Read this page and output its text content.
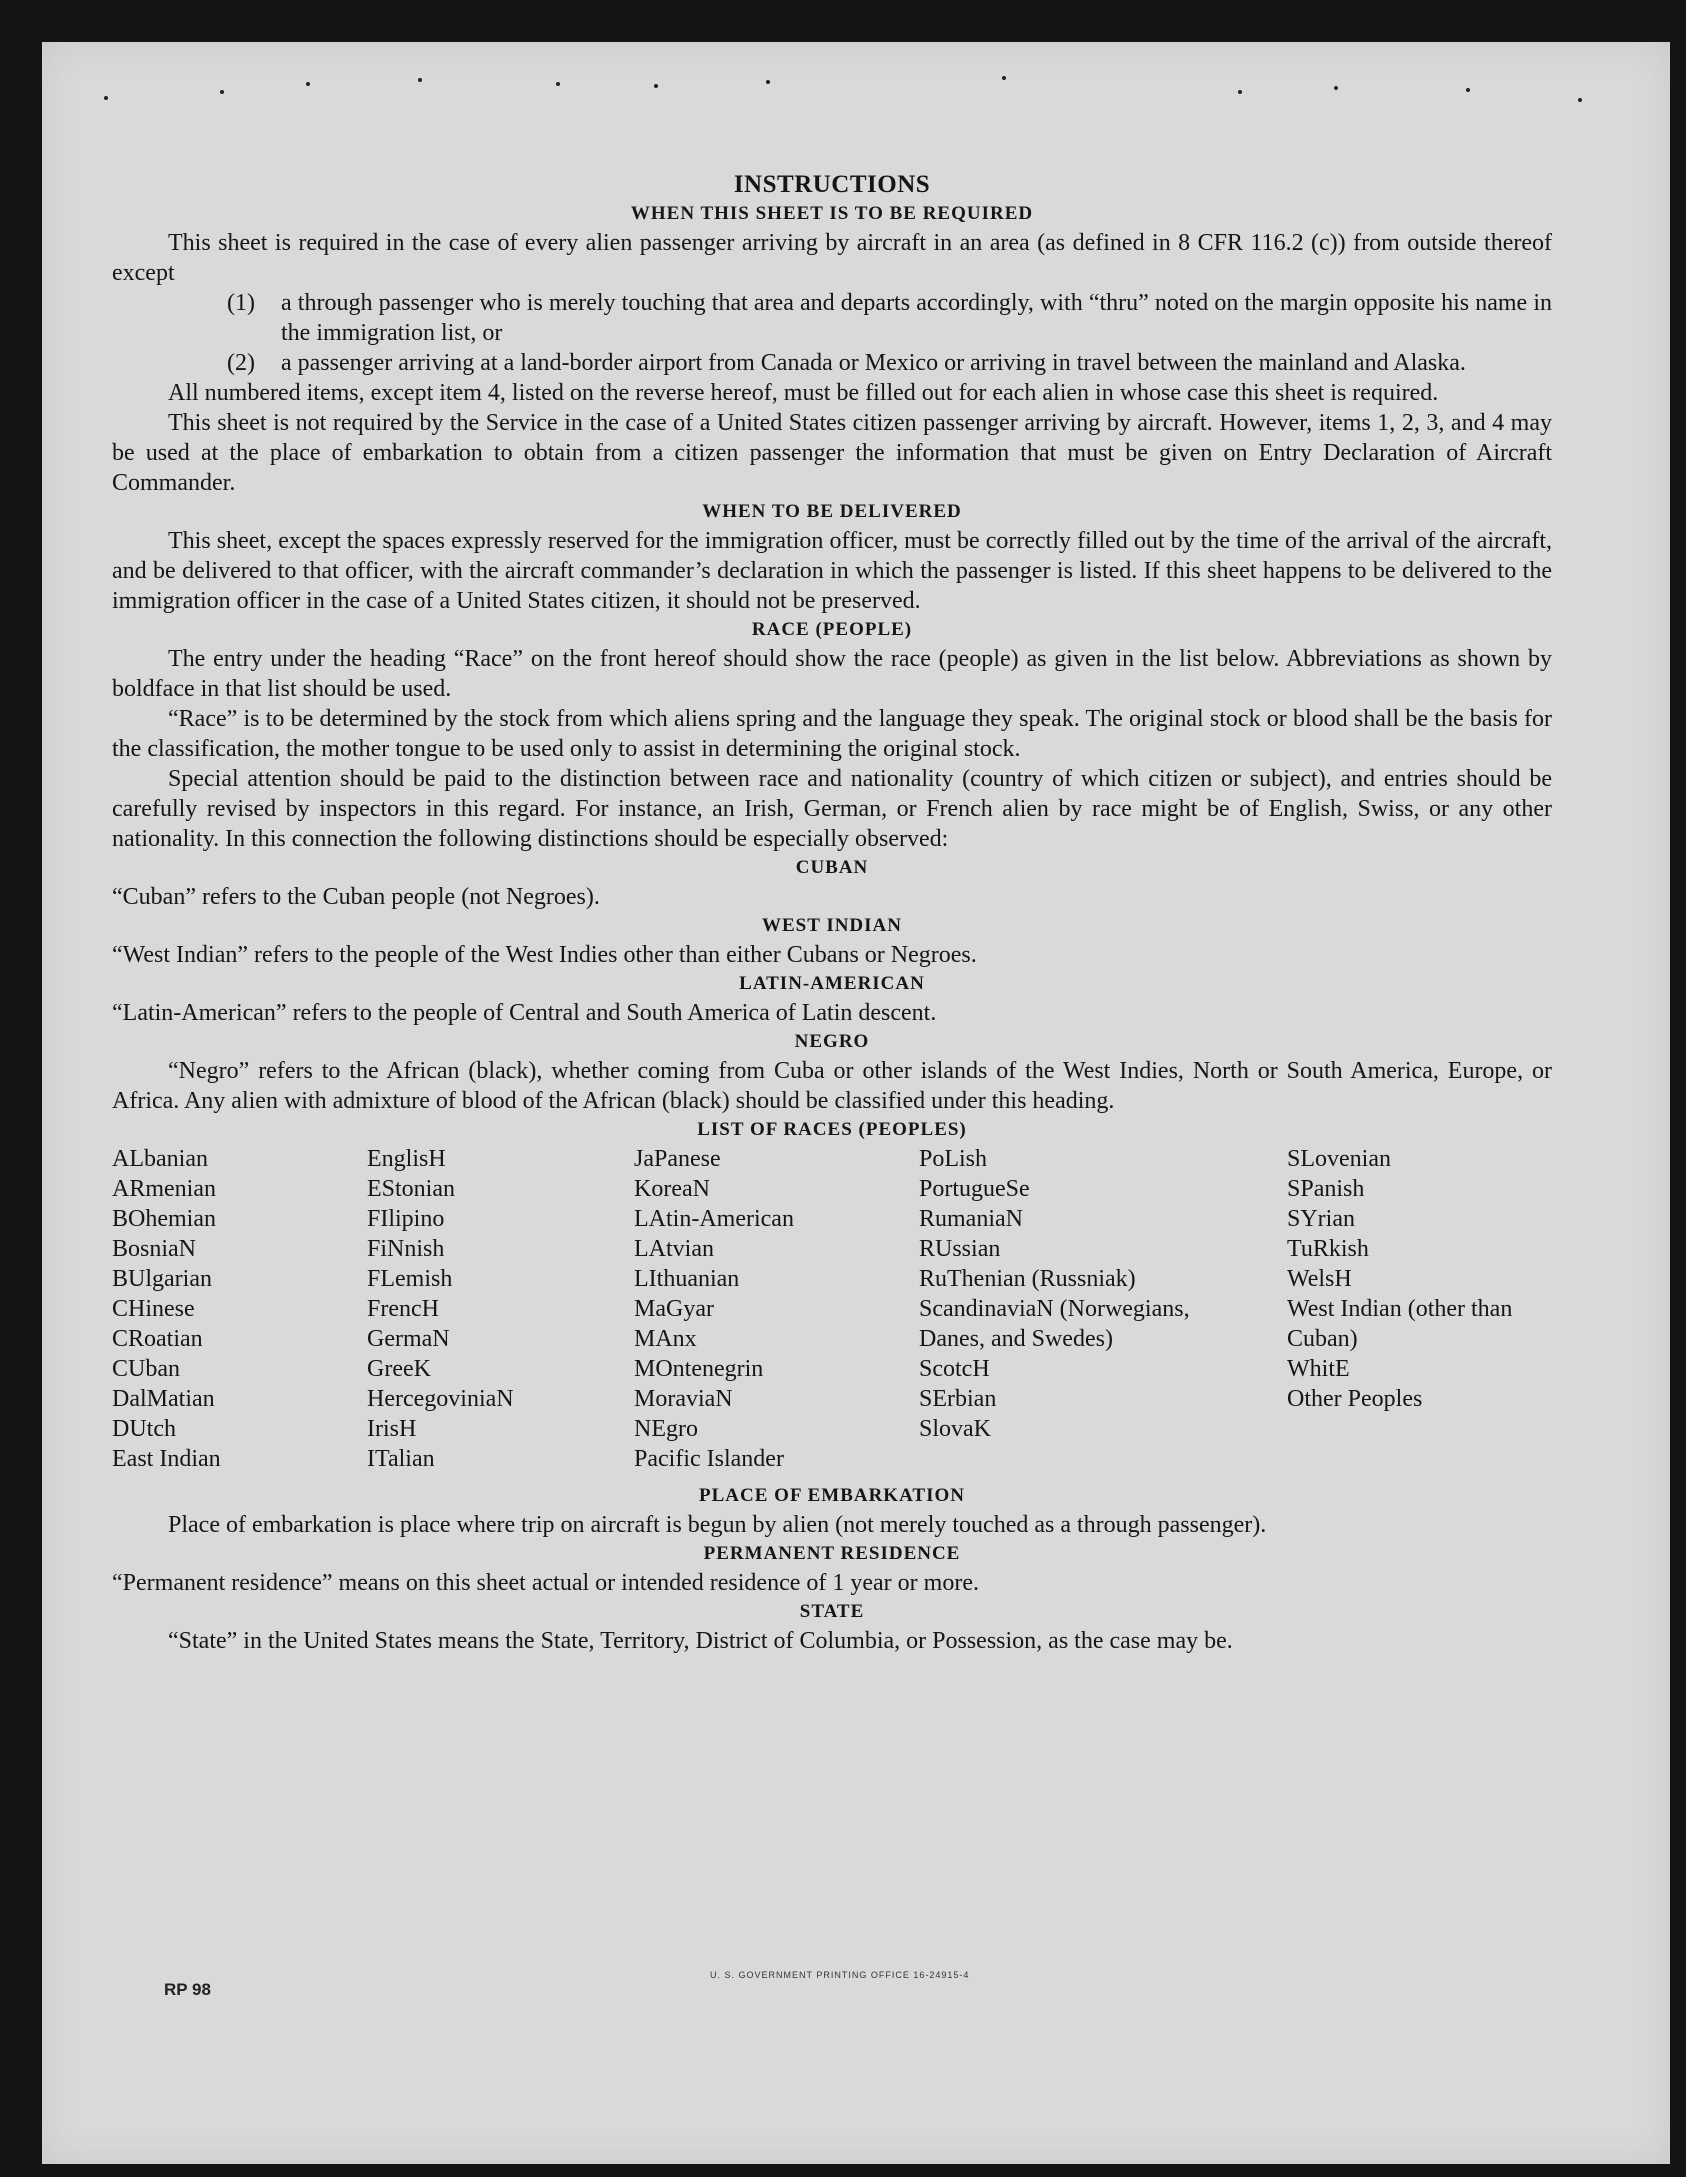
INSTRUCTIONS

WHEN THIS SHEET IS TO BE REQUIRED

This sheet is required in the case of every alien passenger arriving by aircraft in an area (as defined in 8 CFR 116.2 (c)) from outside thereof except

(1)	a through passenger who is merely touching that area and departs accordingly, with “thru” noted on the margin opposite his name in the immigration list, or
(2)	a passenger arriving at a land-border airport from Canada or Mexico or arriving in travel between the mainland and Alaska.

All numbered items, except item 4, listed on the reverse hereof, must be filled out for each alien in whose case this sheet is required.

This sheet is not required by the Service in the case of a United States citizen passenger arriving by aircraft. However, items 1, 2, 3, and 4 may be used at the place of embarkation to obtain from a citizen passenger the information that must be given on Entry Declaration of Aircraft Commander.

WHEN TO BE DELIVERED

This sheet, except the spaces expressly reserved for the immigration officer, must be correctly filled out by the time of the arrival of the aircraft, and be delivered to that officer, with the aircraft commander’s declaration in which the passenger is listed. If this sheet happens to be delivered to the immigration officer in the case of a United States citizen, it should not be preserved.

RACE (PEOPLE)

The entry under the heading “Race” on the front hereof should show the race (people) as given in the list below. Abbreviations as shown by boldface in that list should be used.

“Race” is to be determined by the stock from which aliens spring and the language they speak. The original stock or blood shall be the basis for the classification, the mother tongue to be used only to assist in determining the original stock.

Special attention should be paid to the distinction between race and nationality (country of which citizen or subject), and entries should be carefully revised by inspectors in this regard. For instance, an Irish, German, or French alien by race might be of English, Swiss, or any other nationality. In this connection the following distinctions should be especially observed:

CUBAN

“Cuban” refers to the Cuban people (not Negroes).

WEST INDIAN

“West Indian” refers to the people of the West Indies other than either Cubans or Negroes.

LATIN-AMERICAN

“Latin-American” refers to the people of Central and South America of Latin descent.

NEGRO

“Negro” refers to the African (black), whether coming from Cuba or other islands of the West Indies, North or South America, Europe, or Africa. Any alien with admixture of blood of the African (black) should be classified under this heading.

LIST OF RACES (PEOPLES)

ALbanian
ARmenian
BOhemian
BosniaN
BUlgarian
CHinese
CRoatian
CUban
DalMatian
DUtch
East Indian
EnglisH
EStonian
FIlipino
FiNnish
FLemish
FrencH
GermaN
GreeK
HercegoviniaN
IrisH
ITalian
JaPanese
KoreaN
LAtin-American
LAtvian
LIthuanian
MaGyar
MAnx
MOntenegrin
MoraviaN
NEgro
Pacific Islander
PoLish
PortugueSe
RumaniaN
RUssian
RuThenian (Russniak)
ScandinaviaN (Norwegians, Danes, and Swedes)
ScotcH
SErbian
SlovaK
SLovenian
SPanish
SYrian
TuRkish
WelsH
West Indian (other than Cuban)
WhitE
Other Peoples

PLACE OF EMBARKATION

Place of embarkation is place where trip on aircraft is begun by alien (not merely touched as a through passenger).

PERMANENT RESIDENCE

“Permanent residence” means on this sheet actual or intended residence of 1 year or more.

STATE

“State” in the United States means the State, Territory, District of Columbia, or Possession, as the case may be.

U. S. GOVERNMENT PRINTING OFFICE 16-24915-4
RP 98
